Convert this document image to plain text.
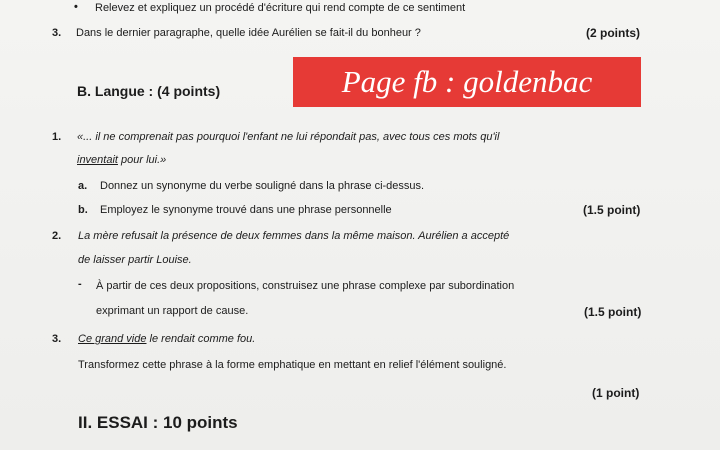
• Relevez et expliquez un procédé d'écriture qui rend compte de ce sentiment
3. Dans le dernier paragraphe, quelle idée Aurélien se fait-il du bonheur ?	(2 points)
B. Langue : (4 points)	Page fb : goldenbac
1. «... il ne comprenait pas pourquoi l'enfant ne lui répondait pas, avec tous ces mots qu'il
inventait pour lui.»
a. Donnez un synonyme du verbe souligné dans la phrase ci-dessus.
b. Employez le synonyme trouvé dans une phrase personnelle	(1.5 point)
2. La mère refusait la présence de deux femmes dans la même maison. Aurélien a accepté
de laisser partir Louise.
- À partir de ces deux propositions, construisez une phrase complexe par subordination
exprimant un rapport de cause.	(1.5 point)
3. Ce grand vide le rendait comme fou.
Transformez cette phrase à la forme emphatique en mettant en relief l'élément souligné.
(1 point)
II. ESSAI : 10 points
